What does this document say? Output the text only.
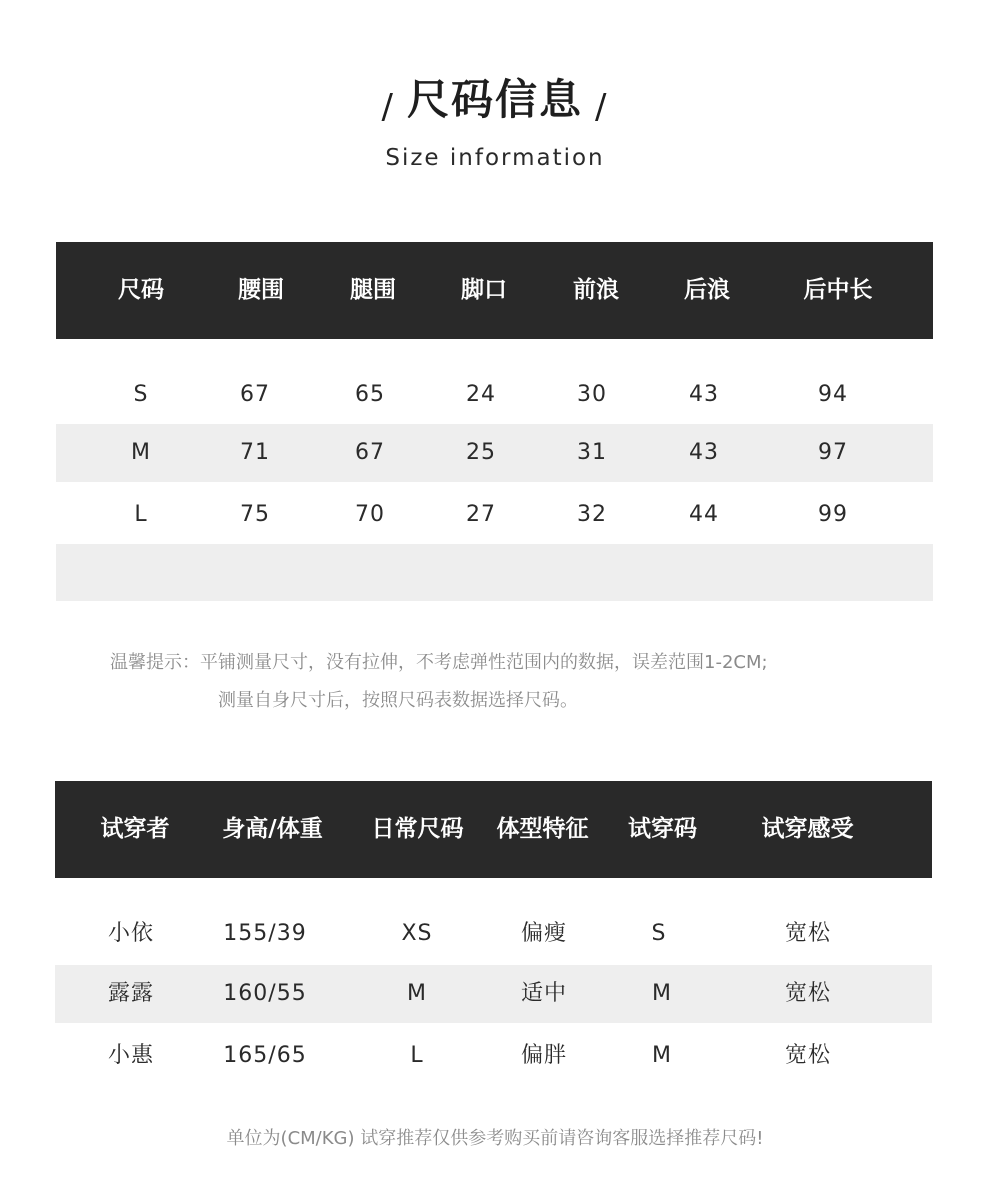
/ 尺码信息 /
Size information
尺码	腰围	腿围	脚口	前浪	后浪	后中长
S	67	65	24	30	43	94
M	71	67	25	31	43	97
L	75	70	27	32	44	99
温馨提示：平铺测量尺寸，没有拉伸，不考虑弹性范围内的数据，误差范围1-2CM;
测量自身尺寸后，按照尺码表数据选择尺码。
试穿者	身高/体重	日常尺码	体型特征	试穿码	试穿感受
小依	155/39	XS	偏瘦	S	宽松
露露	160/55	M	适中	M	宽松
小惠	165/65	L	偏胖	M	宽松
单位为(CM/KG) 试穿推荐仅供参考购买前请咨询客服选择推荐尺码!
